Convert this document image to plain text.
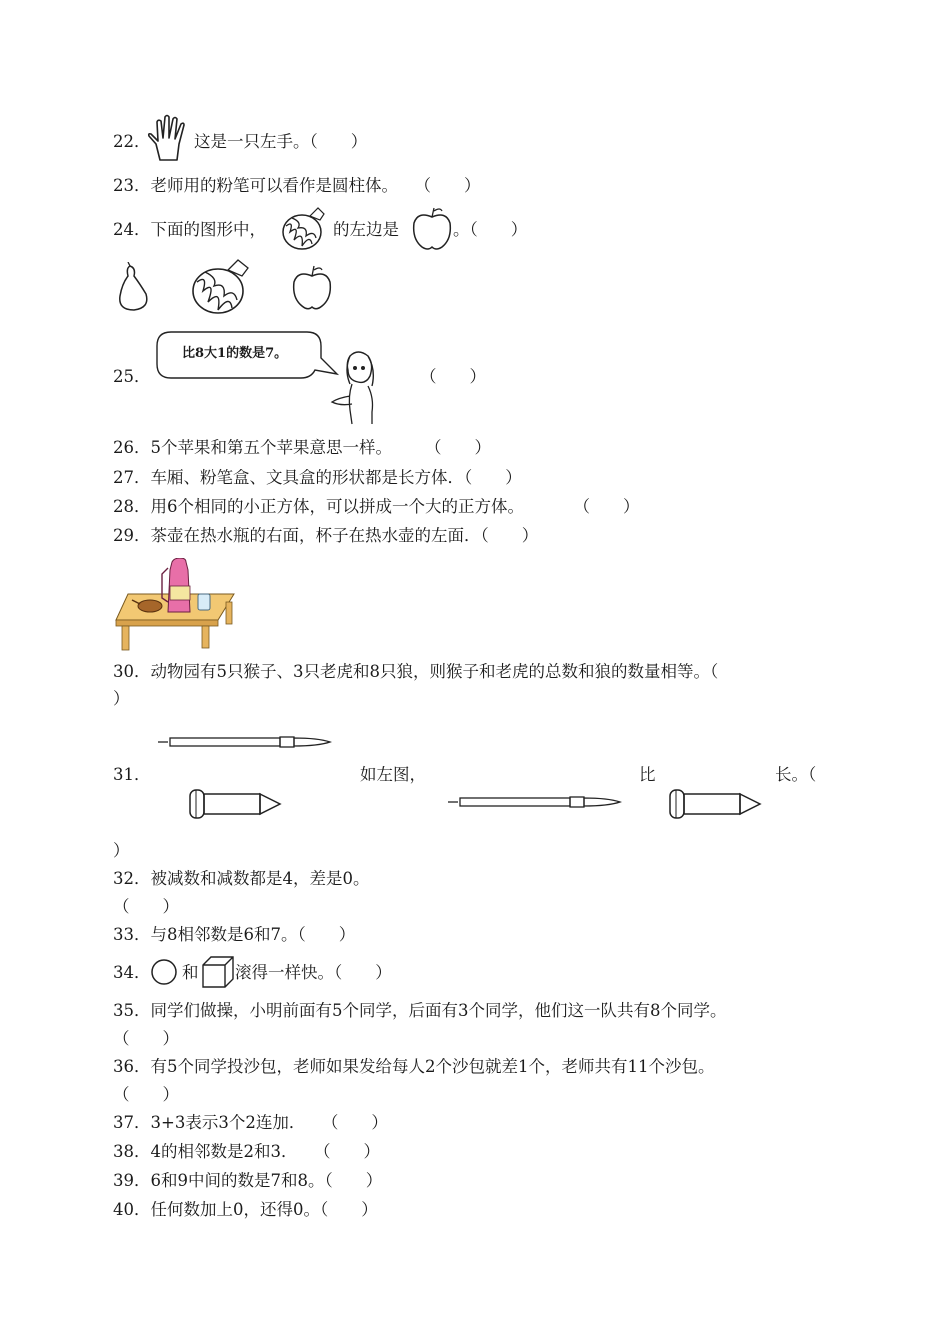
22．	这是一只左手。（　　）
23．老师用的粉笔可以看作是圆柱体。　　（　　）
24．下面的图形中，	的左边是	。（　　）
25．
比8大1的数是7。
（　　）
26．5个苹果和第五个苹果意思一样。　　　（　　）
27．车厢、粉笔盒、文具盒的形状都是长方体．（　　）
28．用6个相同的小正方体，可以拼成一个大的正方体。　　　　（　　）
29．茶壶在热水瓶的右面，杯子在热水壶的左面．（　　）
30．动物园有5只猴子、3只老虎和8只狼，则猴子和老虎的总数和狼的数量相等。（
）
31．	如左图，	比	长。（
）
32．被减数和减数都是4，差是0。
（　　）
33．与8相邻数是6和7。（　　）
34． 和 滚得一样快。（　　）
35．同学们做操，小明前面有5个同学，后面有3个同学，他们这一队共有8个同学。
（　　）
36．有5个同学投沙包，老师如果发给每人2个沙包就差1个，老师共有11个沙包。
（　　）
37．3+3表示3个2连加．　　（　　）
38．4的相邻数是2和3．　　（　　）
39．6和9中间的数是7和8。（　　）
40．任何数加上0，还得0。（　　）
